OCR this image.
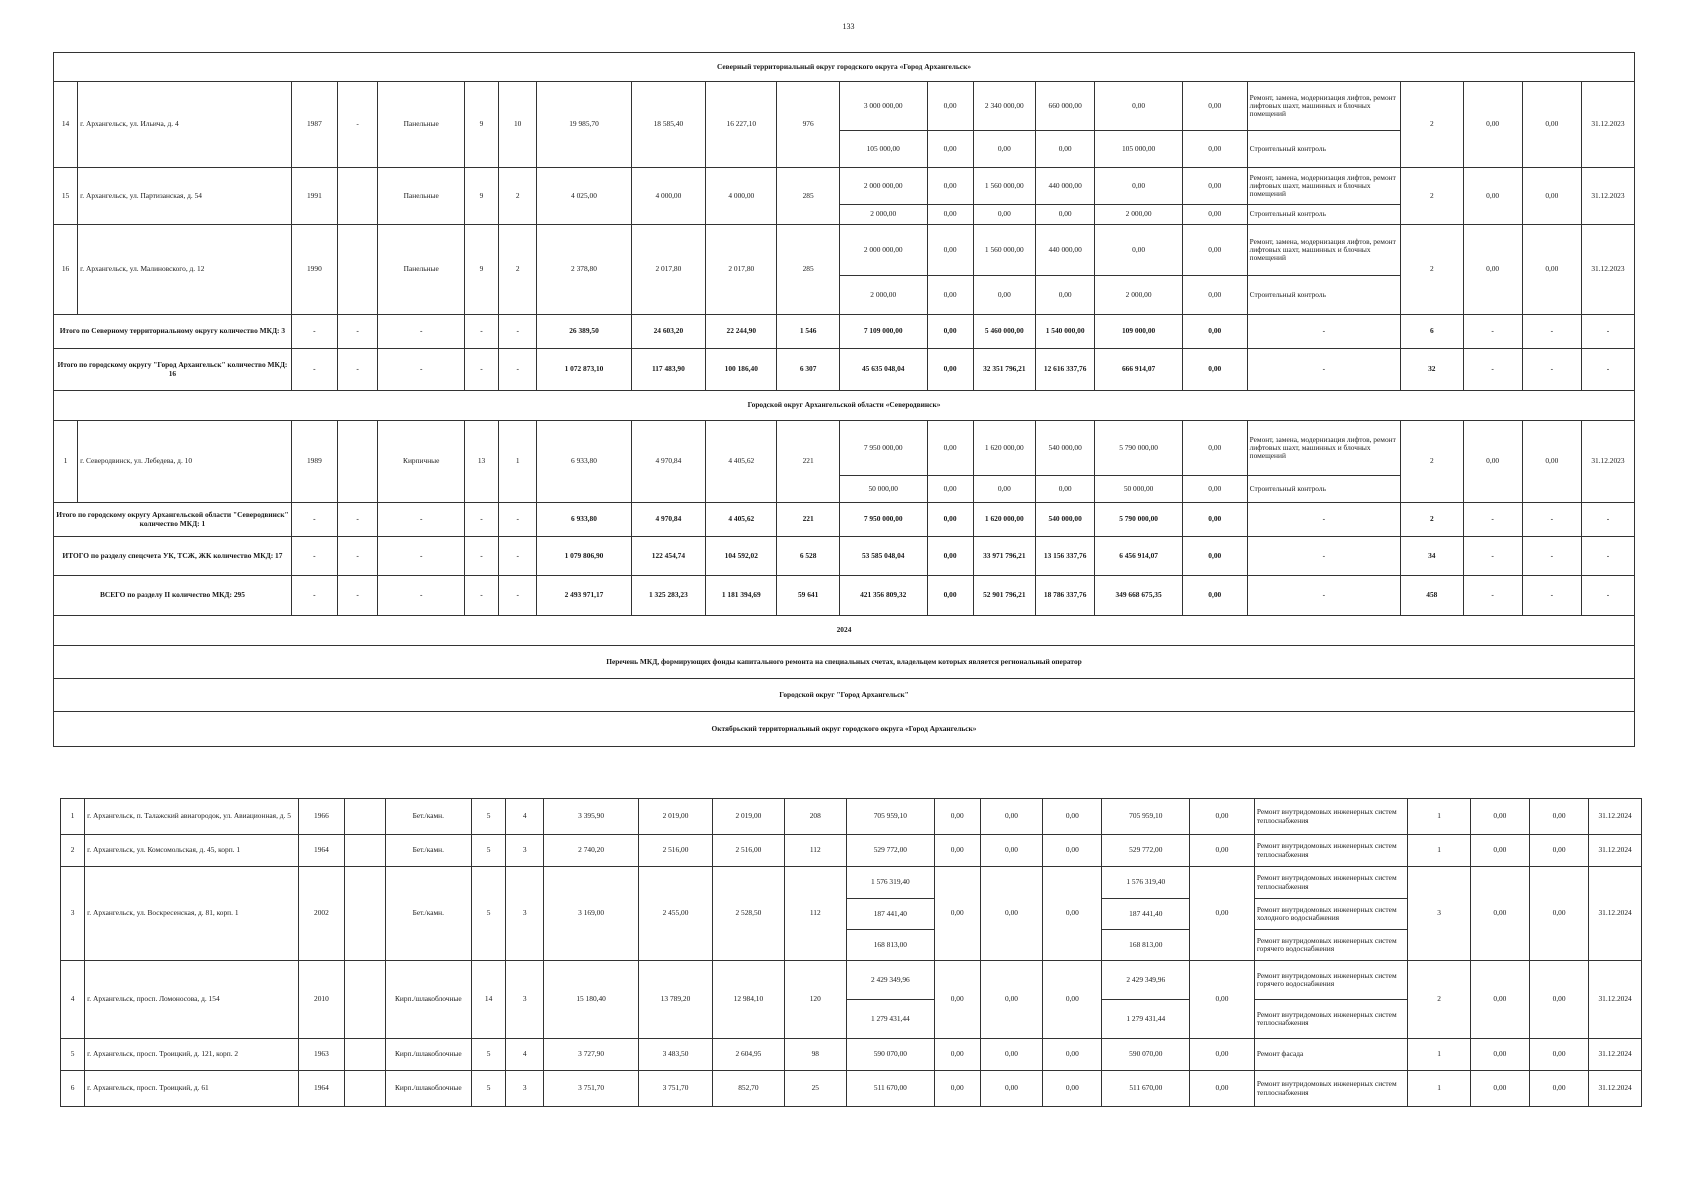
133
Северный территориальный округ городского округа «Город Архангельск»																					
14	г. Архангельск, ул. Ильича, д. 4	1987	-	Панельные	9	10	19 985,70	18 585,40	16 227,10	976	3 000 000,00	0,00	2 340 000,00	660 000,00	0,00	0,00	Ремонт, замена, модернизация лифтов, ремонт лифтовых шахт, машинных и блочных помещений	2	0,00	0,00	31.12.2023
											105 000,00	0,00	0,00	0,00	105 000,00	0,00	Строительный контроль				
15	г. Архангельск, ул. Партизанская, д. 54	1991		Панельные	9	2	4 025,00	4 000,00	4 000,00	285	2 000 000,00	0,00	1 560 000,00	440 000,00	0,00	0,00	Ремонт, замена, модернизация лифтов, ремонт лифтовых шахт, машинных и блочных помещений	2	0,00	0,00	31.12.2023
											2 000,00	0,00	0,00	0,00	2 000,00	0,00	Строительный контроль				
16	г. Архангельск, ул. Малиновского, д. 12	1990		Панельные	9	2	2 378,80	2 017,80	2 017,80	285	2 000 000,00	0,00	1 560 000,00	440 000,00	0,00	0,00	Ремонт, замена, модернизация лифтов, ремонт лифтовых шахт, машинных и блочных помещений	2	0,00	0,00	31.12.2023
											2 000,00	0,00	0,00	0,00	2 000,00	0,00	Строительный контроль				
Итого по Северному территориальному округу количество МКД: 3		-	-	-	-	-	26 389,50	24 603,20	22 244,90	1 546	7 109 000,00	0,00	5 460 000,00	1 540 000,00	109 000,00	0,00	-	6	-	-	-
Итого по городскому округу "Город Архангельск" количество МКД: 16		-	-	-	-	-	1 072 873,10	117 483,90	100 186,40	6 307	45 635 048,04	0,00	32 351 796,21	12 616 337,76	666 914,07	0,00	-	32	-	-	-
Городской округ Архангельской области «Северодвинск»																					
1	г. Северодвинск, ул. Лебедева, д. 10	1989		Кирпичные	13	1	6 933,80	4 970,84	4 405,62	221	7 950 000,00	0,00	1 620 000,00	540 000,00	5 790 000,00	0,00	Ремонт, замена, модернизация лифтов, ремонт лифтовых шахт, машинных и блочных помещений	2	0,00	0,00	31.12.2023
											50 000,00	0,00	0,00	0,00	50 000,00	0,00	Строительный контроль				
Итого по городскому округу Архангельской области "Северодвинск" количество МКД: 1		-	-	-	-	-	6 933,80	4 970,84	4 405,62	221	7 950 000,00	0,00	1 620 000,00	540 000,00	5 790 000,00	0,00	-	2	-	-	-
ИТОГО по разделу спецсчета УК, ТСЖ, ЖК количество МКД: 17		-	-	-	-	-	1 079 806,90	122 454,74	104 592,02	6 528	53 585 048,04	0,00	33 971 796,21	13 156 337,76	6 456 914,07	0,00	-	34	-	-	-
ВСЕГО по разделу II количество МКД: 295		-	-	-	-	-	2 493 971,17	1 325 283,23	1 181 394,69	59 641	421 356 809,32	0,00	52 901 796,21	18 786 337,76	349 668 675,35	0,00	-	458	-	-	-
2024																					
Перечень МКД, формирующих фонды капитального ремонта на специальных счетах, владельцем которых является региональный оператор																					
Городской округ "Город Архангельск"																					
Октябрьский территориальный округ городского округа «Город Архангельск»																					
1	г. Архангельск, п. Талажский авиагородок, ул. Авиационная, д. 5	1966		Бет./камн.	5	4	3 395,90	2 019,00	2 019,00	208	705 959,10	0,00	0,00	0,00	705 959,10	0,00	Ремонт внутридомовых инженерных систем теплоснабжения	1	0,00	0,00	31.12.2024
2	г. Архангельск, ул. Комсомольская, д. 45, корп. 1	1964		Бет./камн.	5	3	2 740,20	2 516,00	2 516,00	112	529 772,00	0,00	0,00	0,00	529 772,00	0,00	Ремонт внутридомовых инженерных систем теплоснабжения	1	0,00	0,00	31.12.2024
3	г. Архангельск, ул. Воскресенская, д. 81, корп. 1	2002		Бет./камн.	5	3	3 169,00	2 455,00	2 528,50	112	1 576 319,40	0,00	0,00	0,00	1 576 319,40	0,00	Ремонт внутридомовых инженерных систем теплоснабжения	3	0,00	0,00	31.12.2024
											187 441,40				187 441,40		Ремонт внутридомовых инженерных систем холодного водоснабжения				
											168 813,00				168 813,00		Ремонт внутридомовых инженерных систем горячего водоснабжения				
4	г. Архангельск, просп. Ломоносова, д. 154	2010		Кирп./шлакоблочные	14	3	15 180,40	13 789,20	12 984,10	120	2 429 349,96	0,00	0,00	0,00	2 429 349,96	0,00	Ремонт внутридомовых инженерных систем горячего водоснабжения	2	0,00	0,00	31.12.2024
											1 279 431,44				1 279 431,44		Ремонт внутридомовых инженерных систем теплоснабжения				
5	г. Архангельск, просп. Троицкий, д. 121, корп. 2	1963		Кирп./шлакоблочные	5	4	3 727,90	3 483,50	2 604,95	98	590 070,00	0,00	0,00	0,00	590 070,00	0,00	Ремонт фасада	1	0,00	0,00	31.12.2024
6	г. Архангельск, просп. Троицкий, д. 61	1964		Кирп./шлакоблочные	5	3	3 751,70	3 751,70	852,70	25	511 670,00	0,00	0,00	0,00	511 670,00	0,00	Ремонт внутридомовых инженерных систем теплоснабжения	1	0,00	0,00	31.12.2024
